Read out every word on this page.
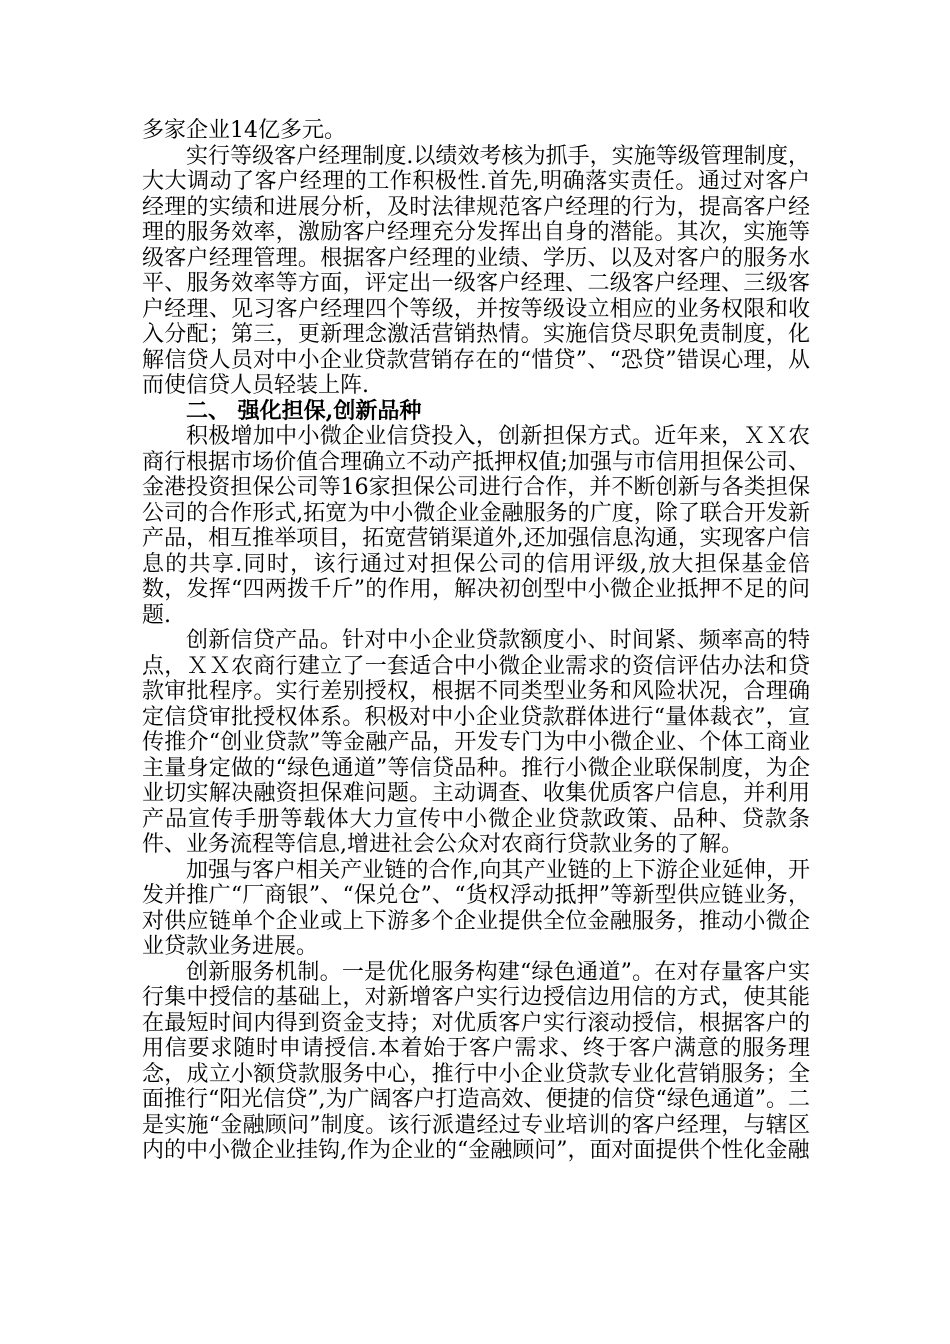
多家企业14亿多元。

实行等级客户经理制度.以绩效考核为抓手，实施等级管理制度，大大调动了客户经理的工作积极性.首先,明确落实责任。通过对客户经理的实绩和进展分析，及时法律规范客户经理的行为，提高客户经理的服务效率，激励客户经理充分发挥出自身的潜能。其次，实施等级客户经理管理。根据客户经理的业绩、学历、以及对客户的服务水平、服务效率等方面，评定出一级客户经理、二级客户经理、三级客户经理、见习客户经理四个等级，并按等级设立相应的业务权限和收入分配；第三，更新理念激活营销热情。实施信贷尽职免责制度，化解信贷人员对中小企业贷款营销存在的“惜贷”、“恐贷”错误心理，从而使信贷人员轻装上阵.

二、 强化担保,创新品种

积极增加中小微企业信贷投入，创新担保方式。近年来，ＸＸ农商行根据市场价值合理确立不动产抵押权值;加强与市信用担保公司、金港投资担保公司等16家担保公司进行合作，并不断创新与各类担保公司的合作形式,拓宽为中小微企业金融服务的广度，除了联合开发新产品，相互推举项目，拓宽营销渠道外,还加强信息沟通，实现客户信息的共享.同时，该行通过对担保公司的信用评级,放大担保基金倍数，发挥“四两拨千斤”的作用，解决初创型中小微企业抵押不足的问题.

创新信贷产品。针对中小企业贷款额度小、时间紧、频率高的特点，ＸＸ农商行建立了一套适合中小微企业需求的资信评估办法和贷款审批程序。实行差别授权，根据不同类型业务和风险状况，合理确定信贷审批授权体系。积极对中小企业贷款群体进行“量体裁衣”，宣传推介“创业贷款”等金融产品，开发专门为中小微企业、个体工商业主量身定做的“绿色通道”等信贷品种。推行小微企业联保制度，为企业切实解决融资担保难问题。主动调查、收集优质客户信息，并利用产品宣传手册等载体大力宣传中小微企业贷款政策、品种、贷款条件、业务流程等信息,增进社会公众对农商行贷款业务的了解。

加强与客户相关产业链的合作,向其产业链的上下游企业延伸，开发并推广“厂商银”、“保兑仓”、“货权浮动抵押”等新型供应链业务，对供应链单个企业或上下游多个企业提供全位金融服务，推动小微企业贷款业务进展。

创新服务机制。一是优化服务构建“绿色通道”。在对存量客户实行集中授信的基础上，对新增客户实行边授信边用信的方式，使其能在最短时间内得到资金支持；对优质客户实行滚动授信，根据客户的用信要求随时申请授信.本着始于客户需求、终于客户满意的服务理念，成立小额贷款服务中心，推行中小企业贷款专业化营销服务；全面推行“阳光信贷”,为广阔客户打造高效、便捷的信贷“绿色通道”。二是实施“金融顾问”制度。该行派遣经过专业培训的客户经理，与辖区内的中小微企业挂钩,作为企业的“金融顾问”，面对面提供个性化金融
